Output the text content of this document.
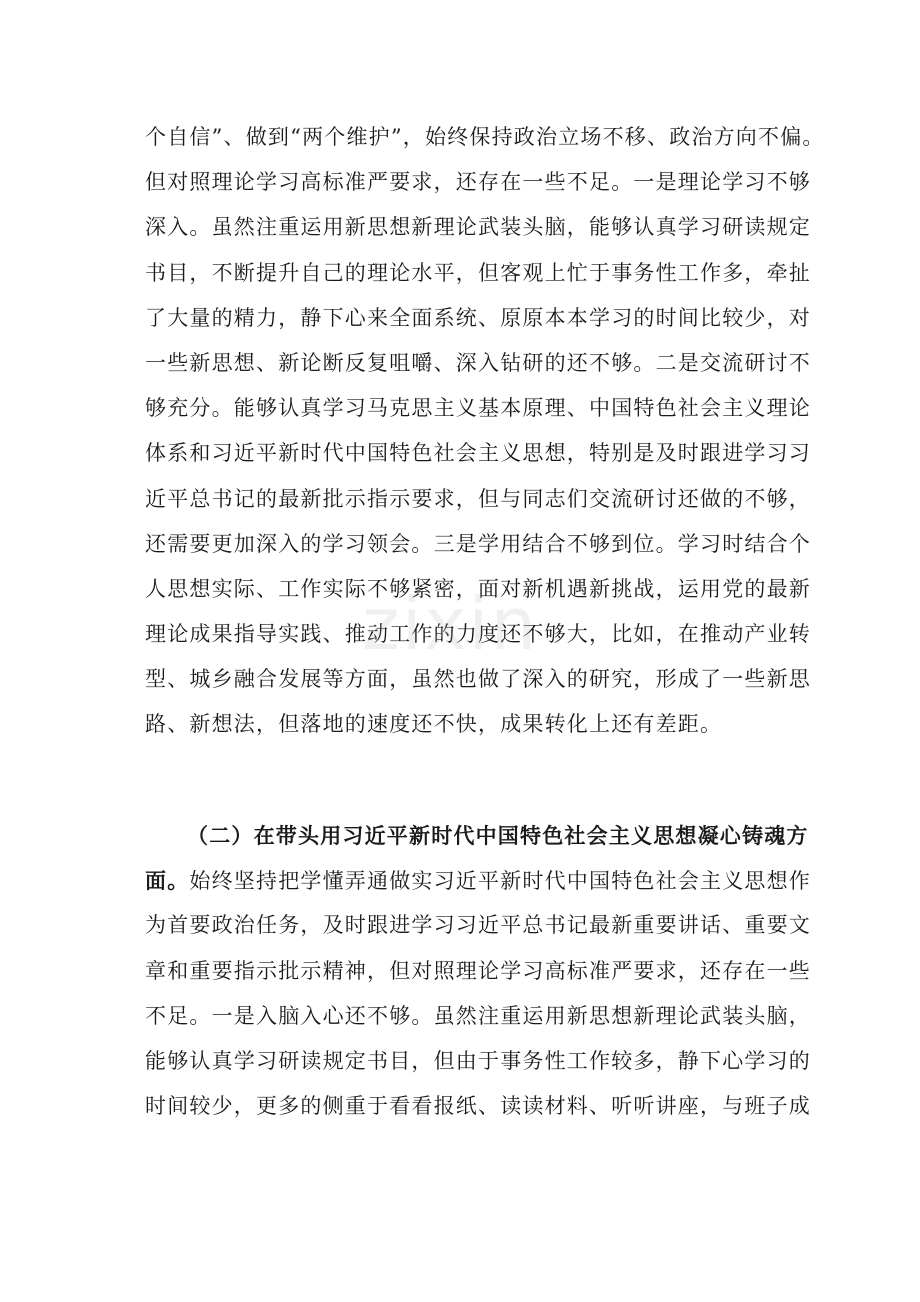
个自信”、做到“两个维护”，始终保持政治立场不移、政治方向不偏。
但对照理论学习高标准严要求，还存在一些不足。一是理论学习不够
深入。虽然注重运用新思想新理论武装头脑，能够认真学习研读规定
书目，不断提升自己的理论水平，但客观上忙于事务性工作多，牵扯
了大量的精力，静下心来全面系统、原原本本学习的时间比较少，对
一些新思想、新论断反复咀嚼、深入钻研的还不够。二是交流研讨不
够充分。能够认真学习马克思主义基本原理、中国特色社会主义理论
体系和习近平新时代中国特色社会主义思想，特别是及时跟进学习习
近平总书记的最新批示指示要求，但与同志们交流研讨还做的不够，
还需要更加深入的学习领会。三是学用结合不够到位。学习时结合个
人思想实际、工作实际不够紧密，面对新机遇新挑战，运用党的最新
理论成果指导实践、推动工作的力度还不够大，比如，在推动产业转
型、城乡融合发展等方面，虽然也做了深入的研究，形成了一些新思
路、新想法，但落地的速度还不快，成果转化上还有差距。
（二）在带头用习近平新时代中国特色社会主义思想凝心铸魂方
面。始终坚持把学懂弄通做实习近平新时代中国特色社会主义思想作
为首要政治任务，及时跟进学习习近平总书记最新重要讲话、重要文
章和重要指示批示精神，但对照理论学习高标准严要求，还存在一些
不足。一是入脑入心还不够。虽然注重运用新思想新理论武装头脑，
能够认真学习研读规定书目，但由于事务性工作较多，静下心学习的
时间较少，更多的侧重于看看报纸、读读材料、听听讲座，与班子成
zixin
